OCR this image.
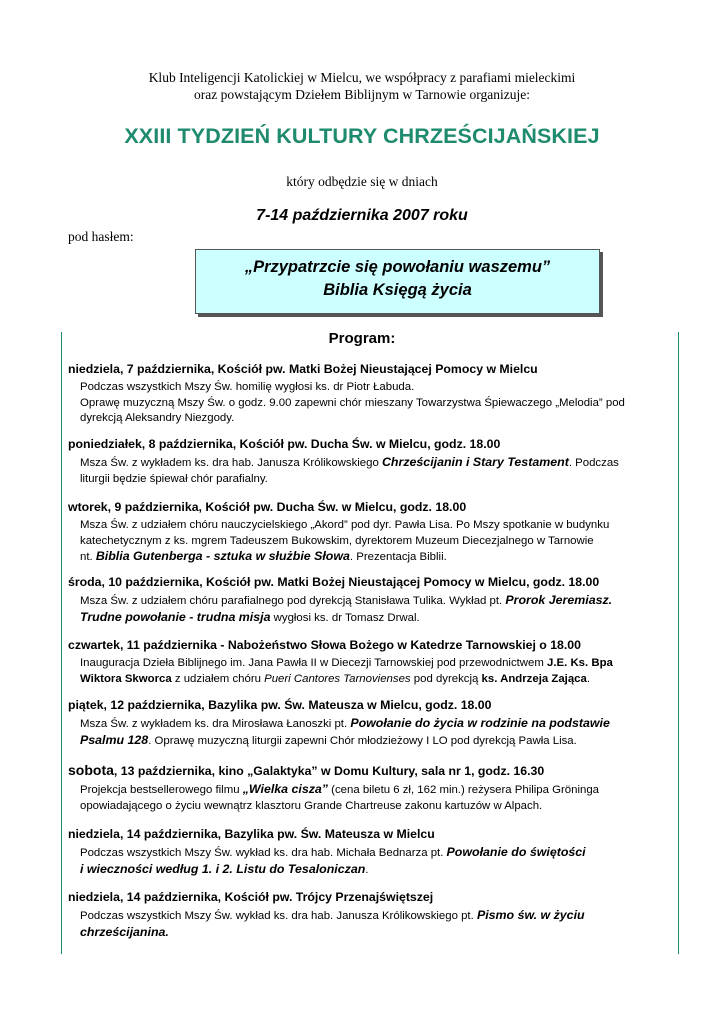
Klub Inteligencji Katolickiej w Mielcu, we współpracy z parafiami mieleckimi
oraz powstającym Dziełem Biblijnym w Tarnowie organizuje:
XXIII TYDZIEŃ KULTURY CHRZEŚCIJAŃSKIEJ
który odbędzie się w dniach
7-14 października 2007 roku
pod hasłem:
„Przypatrzcie się powołaniu waszemu”
Biblia Księgą życia
Program:
niedziela, 7 października, Kościół pw. Matki Bożej Nieustającej Pomocy w Mielcu
Podczas wszystkich Mszy Św. homilię wygłosi ks. dr Piotr Łabuda.
Oprawę muzyczną Mszy Św. o godz. 9.00 zapewni chór mieszany Towarzystwa Śpiewaczego „Melodia” pod
dyrekcją Aleksandry Niezgody.
poniedziałek, 8 października, Kościół pw. Ducha Św. w Mielcu, godz. 18.00
Msza Św. z wykładem ks. dra hab. Janusza Królikowskiego Chrześcijanin i Stary Testament. Podczas
liturgii będzie śpiewał chór parafialny.
wtorek, 9 października, Kościół pw. Ducha Św. w Mielcu, godz. 18.00
Msza Św. z udziałem chóru nauczycielskiego „Akord” pod dyr. Pawła Lisa. Po Mszy spotkanie w budynku
katechetycznym z ks. mgrem Tadeuszem Bukowskim, dyrektorem Muzeum Diecezjalnego w Tarnowie
nt. Biblia Gutenberga - sztuka w służbie Słowa. Prezentacja Biblii.
środa, 10 października, Kościół pw. Matki Bożej Nieustającej Pomocy w Mielcu, godz. 18.00
Msza Św. z udziałem chóru parafialnego pod dyrekcją Stanisława Tulika. Wykład pt. Prorok Jeremiasz.
Trudne powołanie - trudna misja wygłosi ks. dr Tomasz Drwal.
czwartek, 11 października - Nabożeństwo Słowa Bożego w Katedrze Tarnowskiej o 18.00
Inauguracja Dzieła Biblijnego im. Jana Pawła II w Diecezji Tarnowskiej pod przewodnictwem J.E. Ks. Bpa
Wiktora Skworca z udziałem chóru Pueri Cantores Tarnovienses pod dyrekcją ks. Andrzeja Zająca.
piątek, 12 października, Bazylika pw. Św. Mateusza w Mielcu, godz. 18.00
Msza Św. z wykładem ks. dra Mirosława Łanoszki pt. Powołanie do życia w rodzinie na podstawie
Psalmu 128. Oprawę muzyczną liturgii zapewni Chór młodzieżowy I LO pod dyrekcją Pawła Lisa.
sobota, 13 października, kino „Galaktyka” w Domu Kultury, sala nr 1, godz. 16.30
Projekcja bestsellerowego filmu „Wielka cisza” (cena biletu 6 zł, 162 min.) reżysera Philipa Gröninga
opowiadającego o życiu wewnątrz klasztoru Grande Chartreuse zakonu kartuzów w Alpach.
niedziela, 14 października, Bazylika pw. Św. Mateusza w Mielcu
Podczas wszystkich Mszy Św. wykład ks. dra hab. Michała Bednarza pt. Powołanie do świętości
i wieczności według 1. i 2. Listu do Tesaloniczan.
niedziela, 14 października, Kościół pw. Trójcy Przenajświętszej
Podczas wszystkich Mszy Św. wykład ks. dra hab. Janusza Królikowskiego pt. Pismo św. w życiu
chrześcijanina.
